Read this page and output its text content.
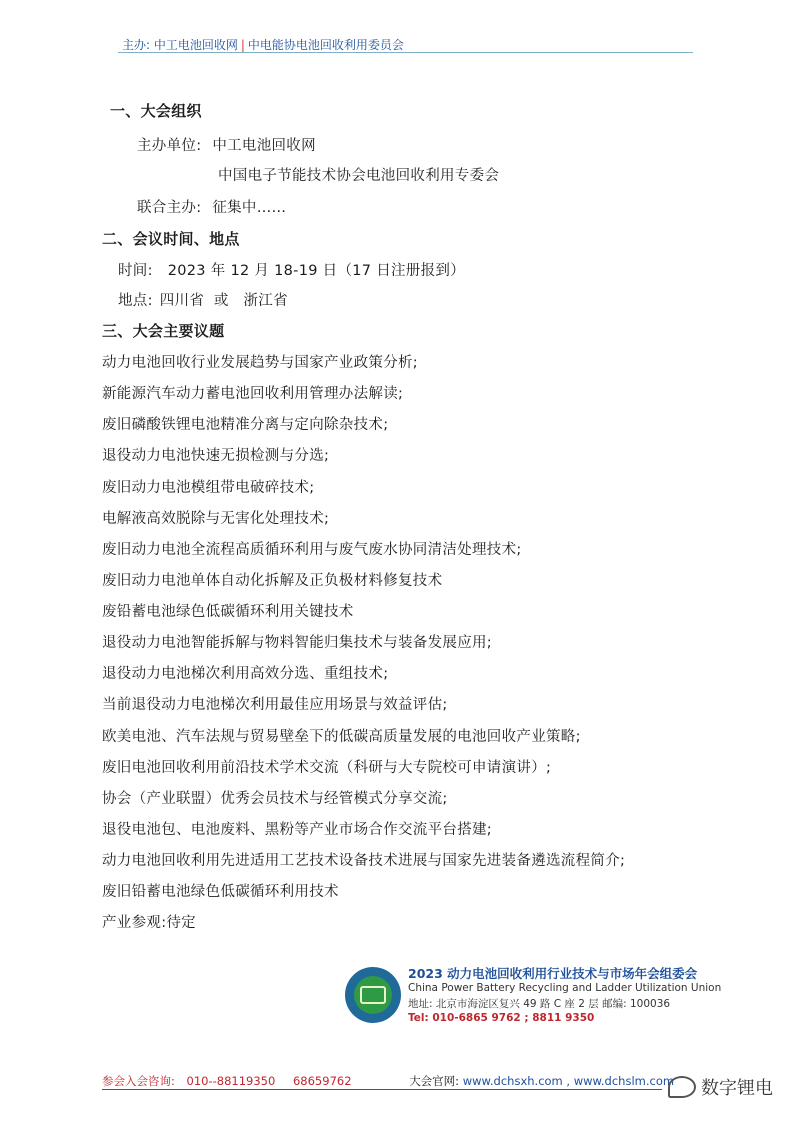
主办: 中工电池回收网 | 中电能协电池回收利用委员会
一、大会组织
主办单位: 中工电池回收网
中国电子节能技术协会电池回收利用专委会
联合主办: 征集中……
二、会议时间、地点
时间: 2023 年 12 月 18-19 日（17 日注册报到）
地点: 四川省  或   浙江省
三、大会主要议题
动力电池回收行业发展趋势与国家产业政策分析;
新能源汽车动力蓄电池回收利用管理办法解读;
废旧磷酸铁锂电池精准分离与定向除杂技术;
退役动力电池快速无损检测与分选;
废旧动力电池模组带电破碎技术;
电解液高效脱除与无害化处理技术;
废旧动力电池全流程高质循环利用与废气废水协同清洁处理技术;
废旧动力电池单体自动化拆解及正负极材料修复技术
废铅蓄电池绿色低碳循环利用关键技术
退役动力电池智能拆解与物料智能归集技术与装备发展应用;
退役动力电池梯次利用高效分选、重组技术;
当前退役动力电池梯次利用最佳应用场景与效益评估;
欧美电池、汽车法规与贸易壁垒下的低碳高质量发展的电池回收产业策略;
废旧电池回收利用前沿技术学术交流（科研与大专院校可申请演讲）;
协会（产业联盟）优秀会员技术与经管模式分享交流;
退役电池包、电池废料、黑粉等产业市场合作交流平台搭建;
动力电池回收利用先进适用工艺技术设备技术进展与国家先进装备遴选流程简介;
废旧铅蓄电池绿色低碳循环利用技术
产业参观:待定
2023 动力电池回收利用行业技术与市场年会组委会
China Power Battery Recycling and Ladder Utilization Union
地址: 北京市海淀区复兴 49 路 C 座 2 层 邮编: 100036
Tel: 010-6865 9762 ; 8811 9350
参会入会咨询: 010--88119350 68659762	大会官网: www.dchsxh.com , www.dchslm.com 数字锂电
